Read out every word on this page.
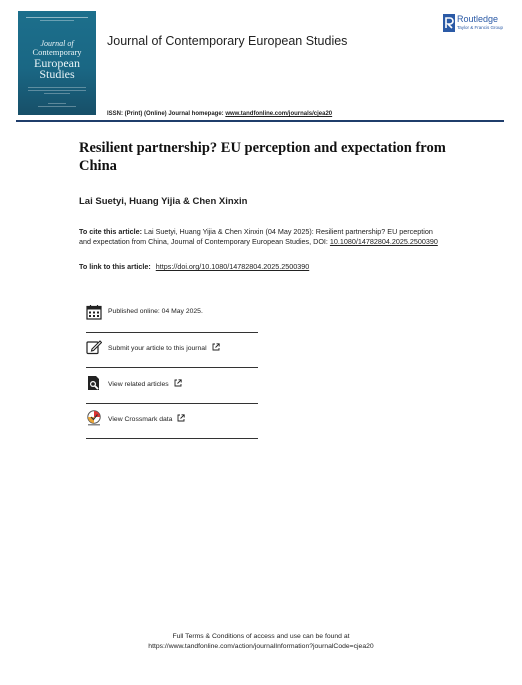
Journal of
Contemporary
European
Studies
Journal of Contemporary European Studies
Routledge
Taylor & Francis Group
ISSN: (Print) (Online) Journal homepage: www.tandfonline.com/journals/cjea20
Resilient partnership? EU perception and expectation from China
Lai Suetyi, Huang Yijia & Chen Xinxin
To cite this article: Lai Suetyi, Huang Yijia & Chen Xinxin (04 May 2025): Resilient partnership? EU perception and expectation from China, Journal of Contemporary European Studies, DOI: 10.1080/14782804.2025.2500390
To link to this article: https://doi.org/10.1080/14782804.2025.2500390
Published online: 04 May 2025.
Submit your article to this journal
View related articles
View Crossmark data
Full Terms & Conditions of access and use can be found at
https://www.tandfonline.com/action/journalInformation?journalCode=cjea20
